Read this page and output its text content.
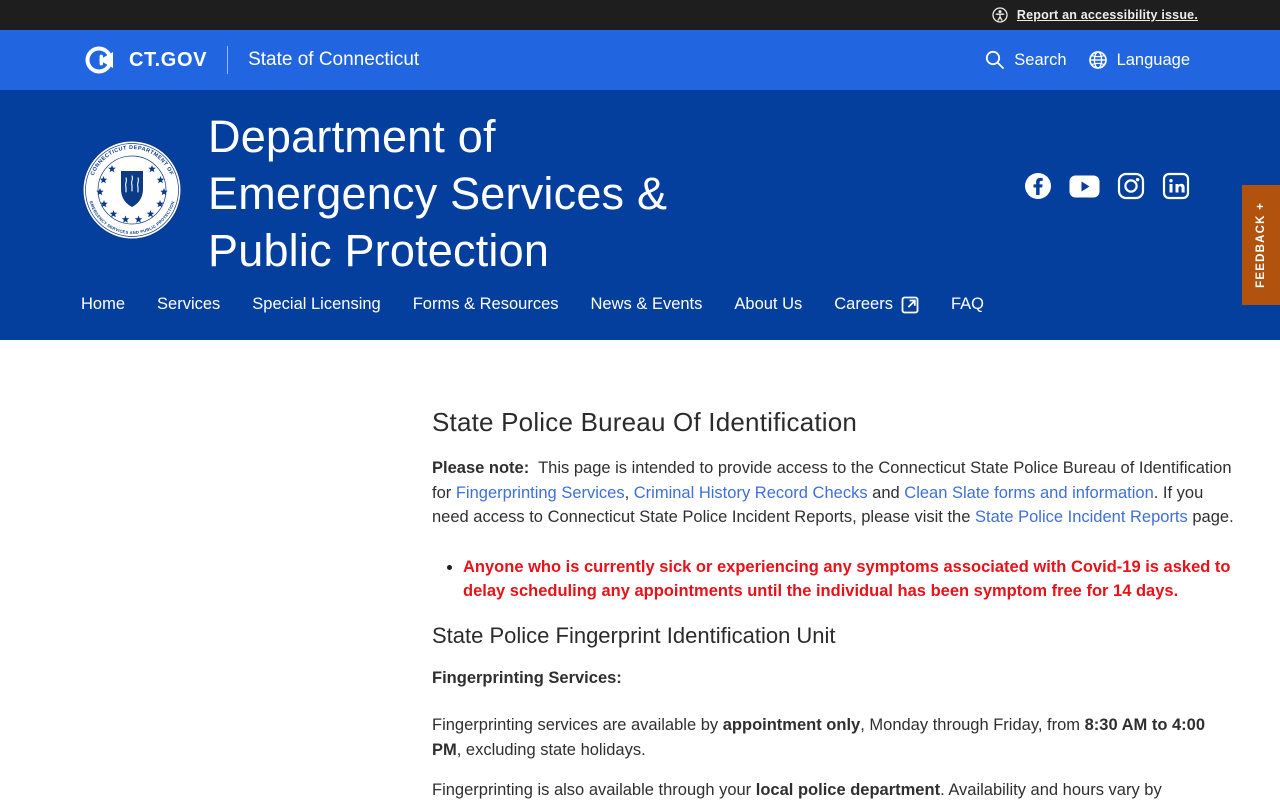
Report an accessibility issue.
CT.GOV State of Connecticut	Search	Language
CONNECTICUT DEPARTMENT OF
EMERGENCY SERVICES AND PUBLIC PROTECTION
Department of
Emergency Services &
Public Protection
Home Services Special Licensing Forms & Resources News & Events About Us Careers	FAQ
FEEDBACK +
State Police Bureau Of Identification

Please note:  This page is intended to provide access to the Connecticut State Police Bureau of Identification for Fingerprinting Services, Criminal History Record Checks and Clean Slate forms and information. If you need access to Connecticut State Police Incident Reports, please visit the State Police Incident Reports page.

• Anyone who is currently sick or experiencing any symptoms associated with Covid-19 is asked to delay scheduling any appointments until the individual has been symptom free for 14 days.
State Police Fingerprint Identification Unit

Fingerprinting Services:

Fingerprinting services are available by appointment only, Monday through Friday, from 8:30 AM to 4:00 PM, excluding state holidays.

Fingerprinting is also available through your local police department. Availability and hours vary by
